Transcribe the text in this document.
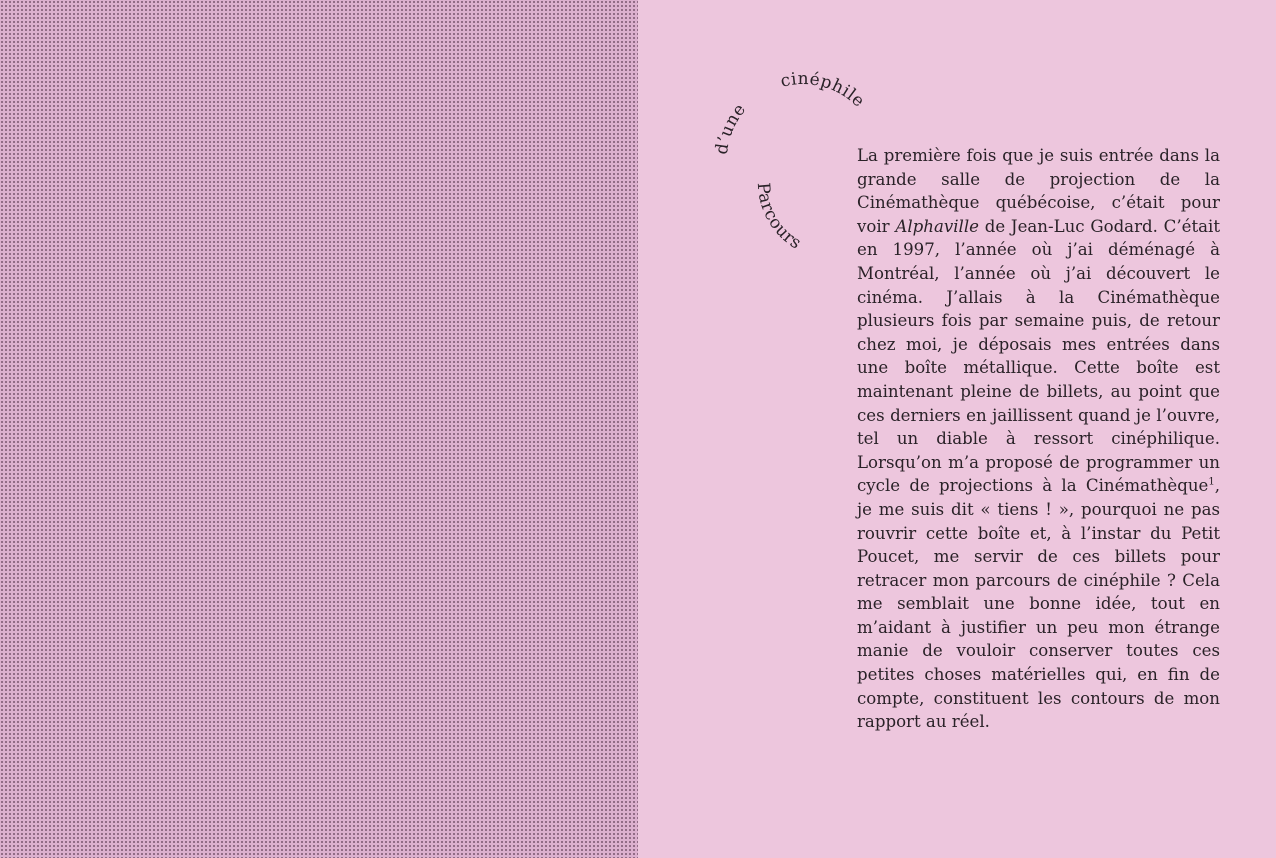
d’une
cinéphile
Parcours

La première fois que je suis entrée dans la grande salle de projection de la Cinémathèque québécoise, c’était pour voir Alphaville de Jean-Luc Godard. C’était en 1997, l’année où j’ai déménagé à Montréal, l’année où j’ai découvert le cinéma. J’allais à la Cinémathèque plusieurs fois par semaine puis, de retour chez moi, je déposais mes entrées dans une boîte métallique. Cette boîte est maintenant pleine de billets, au point que ces derniers en jaillissent quand je l’ouvre, tel un diable à ressort cinéphilique. Lorsqu’on m’a proposé de programmer un cycle de projections à la Cinémathèque$^1$, je me suis dit « tiens ! », pourquoi ne pas rouvrir cette boîte et, à l’instar du Petit Poucet, me servir de ces billets pour retracer mon parcours de cinéphile ? Cela me semblait une bonne idée, tout en m’aidant à justifier un peu mon étrange manie de vouloir conserver toutes ces petites choses matérielles qui, en fin de compte, constituent les contours de mon rapport au réel.
